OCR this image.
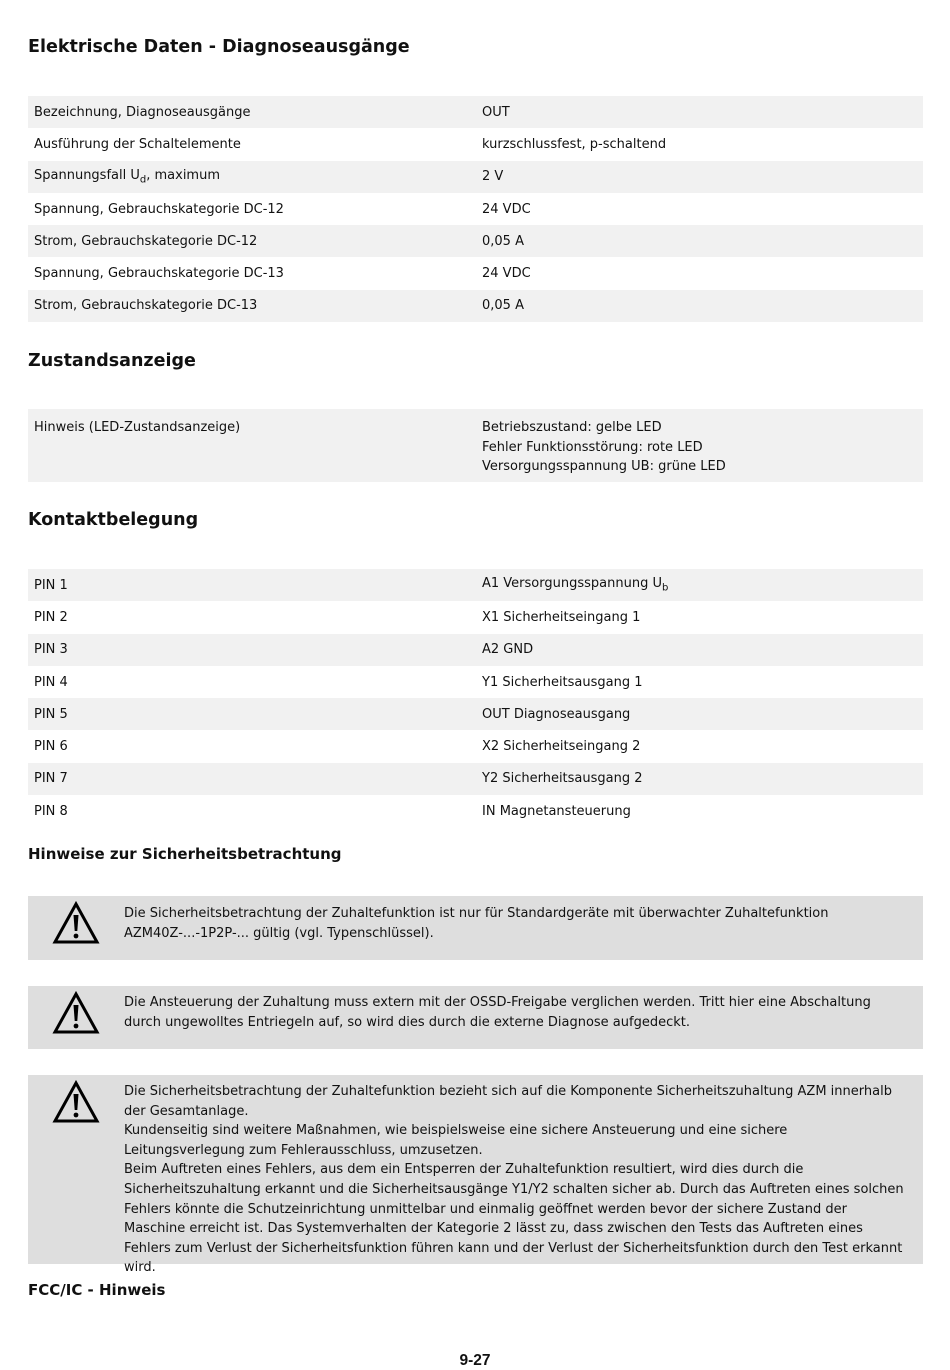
Elektrische Daten - Diagnoseausgänge
Bezeichnung, Diagnoseausgänge	OUT
Ausführung der Schaltelemente	kurzschlussfest, p-schaltend
Spannungsfall $U_d$, maximum	2 V
Spannung, Gebrauchskategorie DC-12	24 VDC
Strom, Gebrauchskategorie DC-12	0,05 A
Spannung, Gebrauchskategorie DC-13	24 VDC
Strom, Gebrauchskategorie DC-13	0,05 A
Zustandsanzeige
Hinweis (LED-Zustandsanzeige)	Betriebszustand: gelbe LED
Fehler Funktionsstörung: rote LED
Versorgungsspannung UB: grüne LED
Kontaktbelegung
PIN 1	A1 Versorgungsspannung $U_b$
PIN 2	X1 Sicherheitseingang 1
PIN 3	A2 GND
PIN 4	Y1 Sicherheitsausgang 1
PIN 5	OUT Diagnoseausgang
PIN 6	X2 Sicherheitseingang 2
PIN 7	Y2 Sicherheitsausgang 2
PIN 8	IN Magnetansteuerung
Hinweise zur Sicherheitsbetrachtung

Die Sicherheitsbetrachtung der Zuhaltefunktion ist nur für Standardgeräte mit überwachter Zuhaltefunktion AZM40Z-...-1P2P-... gültig (vgl. Typenschlüssel).

Die Ansteuerung der Zuhaltung muss extern mit der OSSD-Freigabe verglichen werden. Tritt hier eine Abschaltung durch ungewolltes Entriegeln auf, so wird dies durch die externe Diagnose aufgedeckt.

Die Sicherheitsbetrachtung der Zuhaltefunktion bezieht sich auf die Komponente Sicherheitszuhaltung AZM innerhalb der Gesamtanlage.

Kundenseitig sind weitere Maßnahmen, wie beispielsweise eine sichere Ansteuerung und eine sichere Leitungsverlegung zum Fehlerausschluss, umzusetzen.

Beim Auftreten eines Fehlers, aus dem ein Entsperren der Zuhaltefunktion resultiert, wird dies durch die Sicherheitszuhaltung erkannt und die Sicherheitsausgänge Y1/Y2 schalten sicher ab. Durch das Auftreten eines solchen Fehlers könnte die Schutzeinrichtung unmittelbar und einmalig geöffnet werden bevor der sichere Zustand der Maschine erreicht ist. Das Systemverhalten der Kategorie 2 lässt zu, dass zwischen den Tests das Auftreten eines Fehlers zum Verlust der Sicherheitsfunktion führen kann und der Verlust der Sicherheitsfunktion durch den Test erkannt wird.

FCC/IC - Hinweis
9-27
